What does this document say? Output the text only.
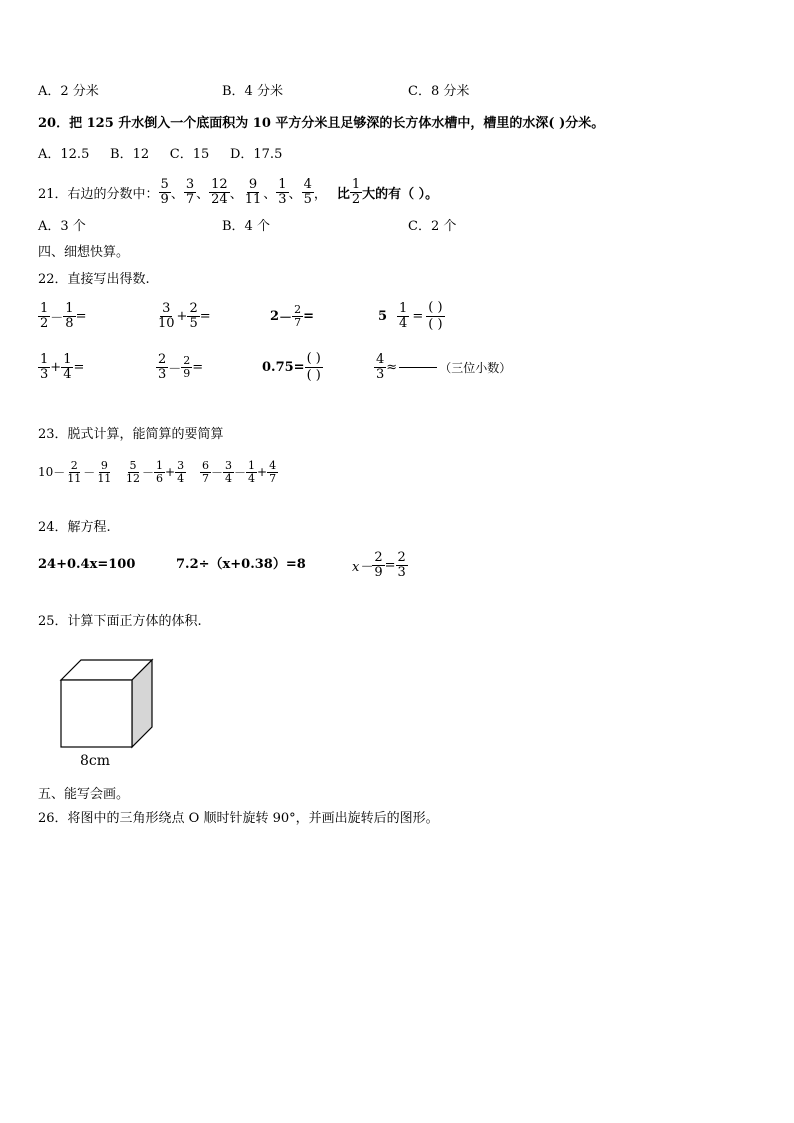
A．2 分米	B．4 分米	C．8 分米
20．把 125 升水倒入一个底面积为 10 平方分米且足够深的长方体水槽中，槽里的水深( )分米。
A．12.5 B．12 C．15 D．17.5
21．右边的分数中： $\frac{5}{9}$ 、 $\frac{3}{7}$ 、 $\frac{12}{24}$ 、 $\frac{9}{11}$ 、 $\frac{1}{3}$ 、 $\frac{4}{5}$ ， 比 $\frac{1}{2}$ 大的有（ ）。
A．3 个	B．4 个	C．2 个
四、细想快算。
22．直接写出得数.
$\frac{1}{2} - \frac{1}{8}$ =	$\frac{3}{10} + \frac{2}{5}$ =	$2 - \frac{2}{7}$ =	$5 \frac{1}{4} = \frac{( )}{( )}$
$\frac{1}{3} + \frac{1}{4}$ =	$\frac{2}{3} - \frac{2}{9}$ =	$0.75= \frac{( )}{( )}$	$\frac{4}{3}$ ≈	（三位小数）
23．脱式计算，能简算的要简算
$10 - \frac{2}{11} - \frac{9}{11} \frac{5}{12} - \frac{1}{6} + \frac{3}{4} \frac{6}{7} - \frac{3}{4} - \frac{1}{4} + \frac{4}{7}$
24．解方程.
24+0.4x=100	7.2÷（x+0.38）=8	$x- \frac{2}{9} = \frac{2}{3}$
25．计算下面正方体的体积.
8cm
五、能写会画。
26．将图中的三角形绕点 O 顺时针旋转 90°，并画出旋转后的图形。
